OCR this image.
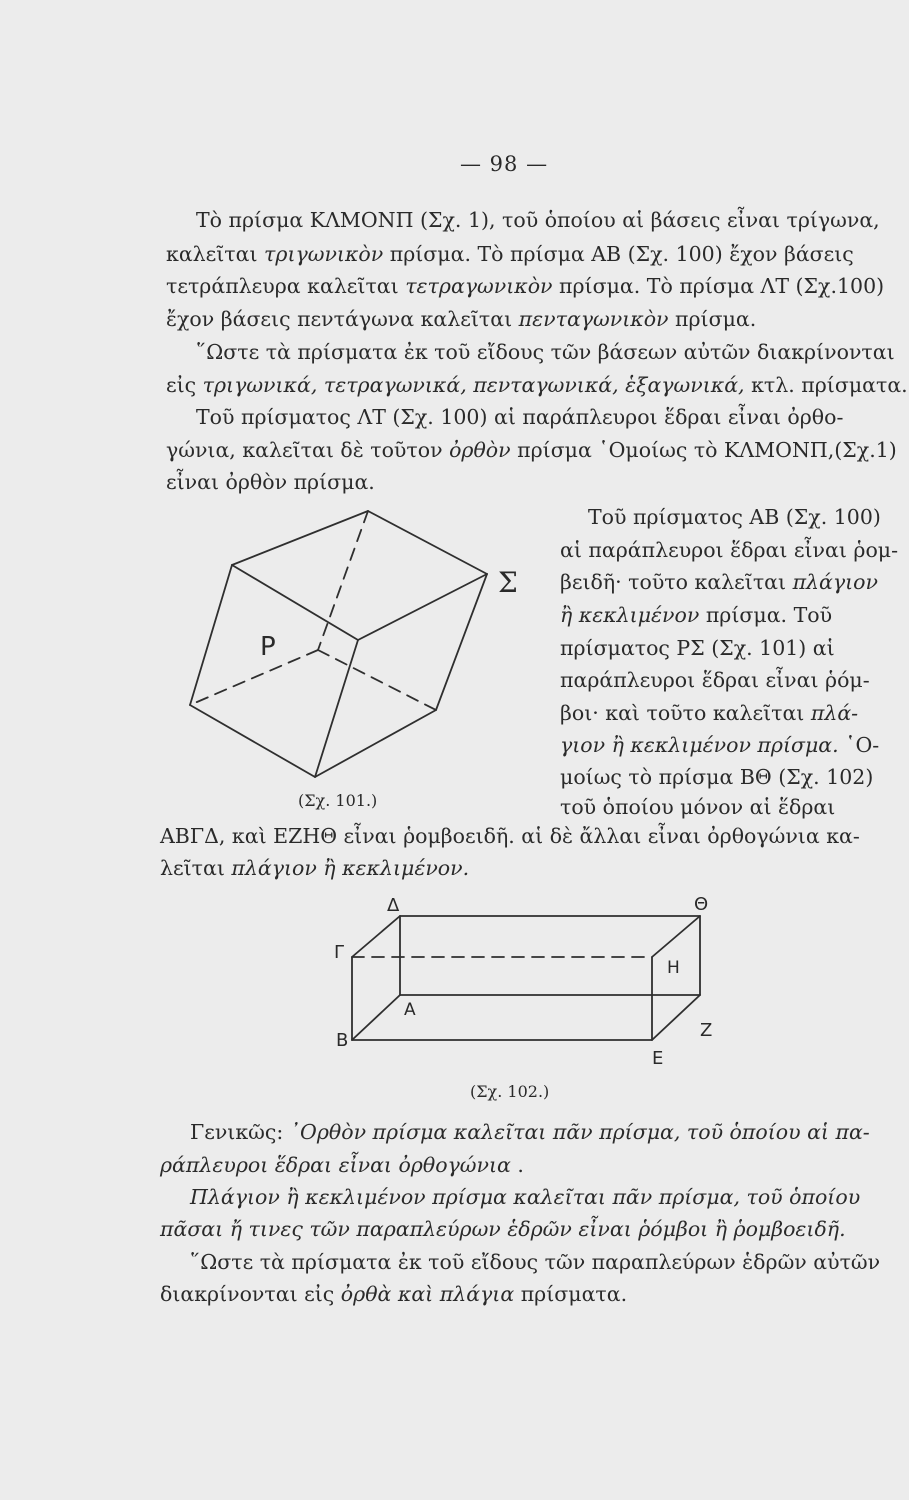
— 98 —
Τὸ πρίσμα ΚΛΜΟΝΠ (Σχ. 1), τοῦ ὁποίου αἱ βάσεις εἶναι τρίγωνα,
καλεῖται τριγωνικὸν πρίσμα. Τὸ πρίσμα ΑΒ (Σχ. 100) ἔχον βάσεις
τετράπλευρα καλεῖται τετραγωνικὸν πρίσμα. Τὸ πρίσμα ΛΤ (Σχ.100)
ἔχον βάσεις πεντάγωνα καλεῖται πενταγωνικὸν πρίσμα.
῞Ωστε τὰ πρίσματα ἐκ τοῦ εἴδους τῶν βάσεων αὐτῶν διακρίνονται
εἰς τριγωνικά, τετραγωνικά, πενταγωνικά, ἑξαγωνικά, κτλ. πρίσματα.
Τοῦ πρίσματος ΛΤ (Σχ. 100) αἱ παράπλευροι ἕδραι εἶναι ὀρθο-
γώνια, καλεῖται δὲ τοῦτον ὀρθὸν πρίσμα ῾Ομοίως τὸ ΚΛΜΟΝΠ,(Σχ.1)
εἶναι ὀρθὸν πρίσμα.
Τοῦ πρίσματος ΑΒ (Σχ. 100)
αἱ παράπλευροι ἕδραι εἶναι ῥομ-
βειδῆ· τοῦτο καλεῖται πλάγιον
ἢ κεκλιμένον πρίσμα. Τοῦ
πρίσματος ΡΣ (Σχ. 101) αἱ
παράπλευροι ἕδραι εἶναι ῥόμ-
βοι· καὶ τοῦτο καλεῖται πλά-
γιον ἢ κεκλιμένον πρίσμα. ῾Ο-
μοίως τὸ πρίσμα ΒΘ (Σχ. 102)
τοῦ ὁποίου μόνον αἱ ἕδραι
ΑΒΓΔ, καὶ ΕΖΗΘ εἶναι ῥομβοειδῆ. αἱ δὲ ἄλλαι εἶναι ὀρθογώνια κα-
λεῖται πλάγιον ἢ κεκλιμένον.
P
Σ
(Σχ. 101.)
Δ	Θ
Γ
Η
Α
Β	Ζ
Ε
(Σχ. 102.)
Γενικῶς: ᾿Ορθὸν πρίσμα καλεῖται πᾶν πρίσμα, τοῦ ὁποίου αἱ πα-
ράπλευροι ἕδραι εἶναι ὀρθογώνια .
Πλάγιον ἢ κεκλιμένον πρίσμα καλεῖται πᾶν πρίσμα, τοῦ ὁποίου
πᾶσαι ἤ τινες τῶν παραπλεύρων ἑδρῶν εἶναι ῥόμβοι ἢ ῥομβοειδῆ.
῞Ωστε τὰ πρίσματα ἐκ τοῦ εἴδους τῶν παραπλεύρων ἑδρῶν αὐτῶν
διακρίνονται εἰς ὀρθὰ καὶ πλάγια πρίσματα.
